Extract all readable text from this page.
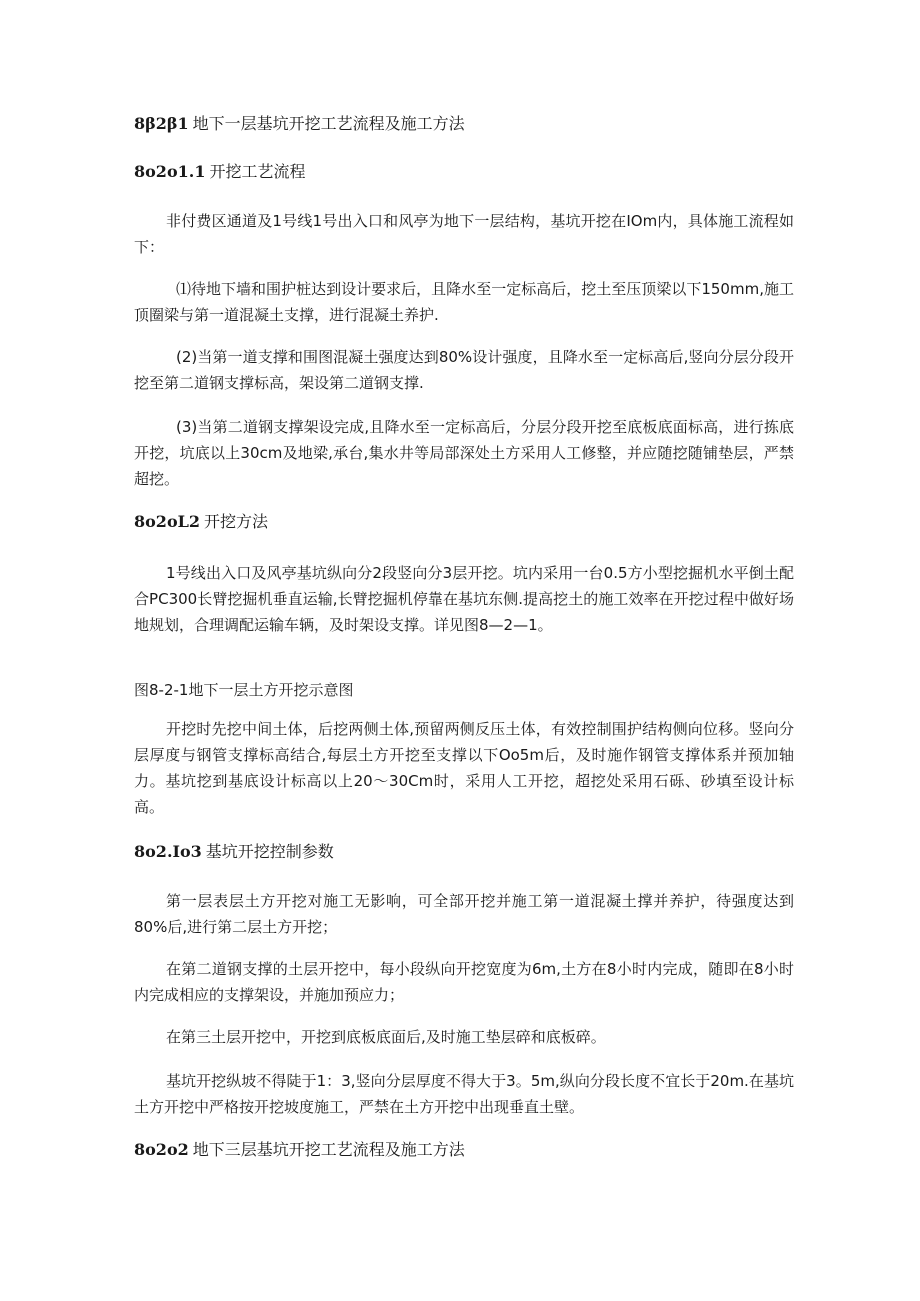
8β2β1 地下一层基坑开挖工艺流程及施工方法
8o2o1.1 开挖工艺流程

非付费区通道及1号线1号出入口和风亭为地下一层结构，基坑开挖在IOm内，具体施工流程如下：

⑴待地下墙和围护桩达到设计要求后，且降水至一定标高后，挖土至压顶梁以下150mm,施工顶圈梁与第一道混凝土支撑，进行混凝土养护.

(2)当第一道支撑和围图混凝土强度达到80%设计强度，且降水至一定标高后,竖向分层分段开挖至第二道钢支撑标高，架设第二道钢支撑.

(3)当第二道钢支撑架设完成,且降水至一定标高后，分层分段开挖至底板底面标高，进行拣底开挖，坑底以上30cm及地梁,承台,集水井等局部深处土方采用人工修整，并应随挖随铺垫层，严禁超挖。

8o2oL2 开挖方法

1号线出入口及风亭基坑纵向分2段竖向分3层开挖。坑内采用一台0.5方小型挖掘机水平倒土配合PC300长臂挖掘机垂直运输,长臂挖掘机停靠在基坑东侧.提高挖土的施工效率在开挖过程中做好场地规划，合理调配运输车辆，及时架设支撑。详见图8—2—1。

图8-2-1地下一层土方开挖示意图

开挖时先挖中间土体，后挖两侧土体,预留两侧反压土体，有效控制围护结构侧向位移。竖向分层厚度与钢管支撑标高结合,每层土方开挖至支撑以下Oo5m后，及时施作钢管支撑体系并预加轴力。基坑挖到基底设计标高以上20〜30Cm时，采用人工开挖，超挖处采用石砾、砂填至设计标高。

8o2.Io3 基坑开挖控制参数

第一层表层土方开挖对施工无影响，可全部开挖并施工第一道混凝土撑并养护，待强度达到80%后,进行第二层土方开挖；

在第二道钢支撑的土层开挖中，每小段纵向开挖宽度为6m,土方在8小时内完成，随即在8小时内完成相应的支撑架设，并施加预应力；

在第三土层开挖中，开挖到底板底面后,及时施工垫层碎和底板碎。

基坑开挖纵坡不得陡于1：3,竖向分层厚度不得大于3。5m,纵向分段长度不宜长于20m.在基坑土方开挖中严格按开挖坡度施工，严禁在土方开挖中出现垂直土壁。

8o2o2 地下三层基坑开挖工艺流程及施工方法
